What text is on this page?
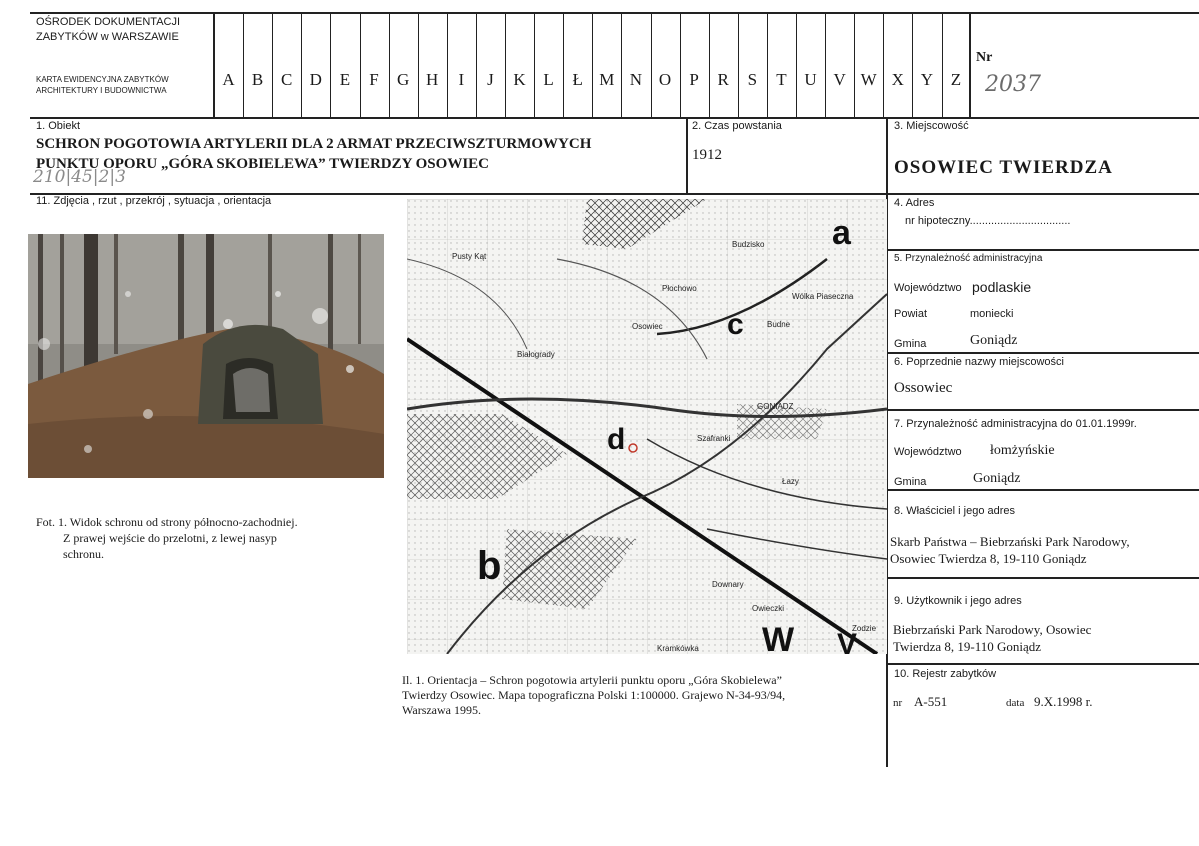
OŚRODEK DOKUMENTACJI
ZABYTKÓW w WARSZAWIE
KARTA EWIDENCYJNA ZABYTKÓW
ARCHITEKTURY I BUDOWNICTWA
A	B	C	D	E	F	G H	I	J	K	L	Ł M N O	P	R	S	T	U V W X Y	Z
Nr
2037
1. Obiekt
SCHRON POGOTOWIA ARTYLERII DLA 2 ARMAT PRZECIWSZTURMOWYCH
PUNKTU OPORU „GÓRA SKOBIELEWA” TWIERDZY OSOWIEC
210|45|2|3
2. Czas powstania
1912
3. Miejscowość
OSOWIEC TWIERDZA
11. Zdjęcia , rzut , przekrój , sytuacja , orientacja
Fot. 1. Widok schronu od strony północno-zachodniej.
Z prawej wejście do przelotni, z lewej nasyp
schronu.
a
b
c
d
W V
Osowiec
Białogrady
GONIĄDZ
Szafranki
Łazy
Wólka Piaseczna
Downary
Owieczki
Kramkówka
Płochowo
Budne
Budzisko
Zodzie
Pusty Kąt
Il. 1. Orientacja – Schron pogotowia artylerii punktu oporu „Góra Skobielewa”
Twierdzy Osowiec. Mapa topograficzna Polski 1:100000. Grajewo N-34-93/94,
Warszawa 1995.
4. Adres
nr hipoteczny.................................
5. Przynależność administracyjna
Województwo podlaskie
Powiat	moniecki
Gmina	Goniądz
6. Poprzednie nazwy miejscowości
Ossowiec
7. Przynależność administracyjna do 01.01.1999r.
Województwo łomżyńskie
Gmina	Goniądz
8. Właściciel i jego adres
Skarb Państwa – Biebrzański Park Narodowy,
Osowiec Twierdza 8, 19-110 Goniądz
9. Użytkownik i jego adres
Biebrzański Park Narodowy, Osowiec
Twierdza 8, 19-110 Goniądz
10. Rejestr zabytków
nr A-551	data 9.X.1998 r.
